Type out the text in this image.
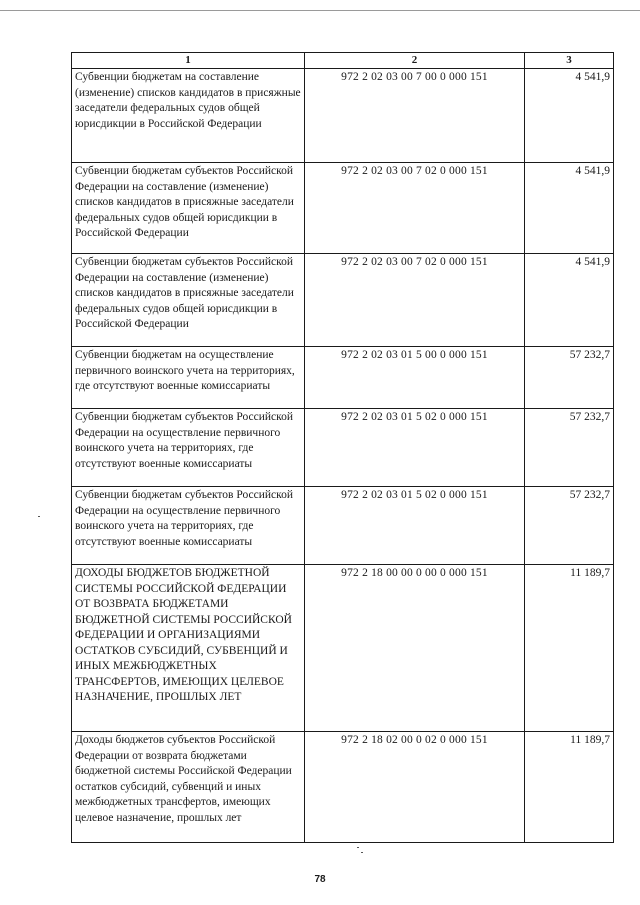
1	2	3
Субвенции бюджетам на составление (изменение) списков кандидатов в присяжные заседатели федеральных судов общей юрисдикции в Российской Федерации	972 2 02 03 00 7 00 0 000 151	4 541,9
Субвенции бюджетам субъектов Российской Федерации на составление (изменение) списков кандидатов в присяжные заседатели федеральных судов общей юрисдикции в Российской Федерации	972 2 02 03 00 7 02 0 000 151	4 541,9
Субвенции бюджетам субъектов Российской Федерации на составление (изменение) списков кандидатов в присяжные заседатели федеральных судов общей юрисдикции в Российской Федерации	972 2 02 03 00 7 02 0 000 151	4 541,9
Субвенции бюджетам на осуществление первичного воинского учета на территориях, где отсутствуют военные комиссариаты	972 2 02 03 01 5 00 0 000 151	57 232,7
Субвенции бюджетам субъектов Российской Федерации на осуществление первичного воинского учета на территориях, где отсутствуют военные комиссариаты	972 2 02 03 01 5 02 0 000 151	57 232,7
Субвенции бюджетам субъектов Российской Федерации на осуществление первичного воинского учета на территориях, где отсутствуют военные комиссариаты	972 2 02 03 01 5 02 0 000 151	57 232,7
ДОХОДЫ БЮДЖЕТОВ БЮДЖЕТНОЙ СИСТЕМЫ РОССИЙСКОЙ ФЕДЕРАЦИИ ОТ ВОЗВРАТА БЮДЖЕТАМИ БЮДЖЕТНОЙ СИСТЕМЫ РОССИЙСКОЙ ФЕДЕРАЦИИ И ОРГАНИЗАЦИЯМИ ОСТАТКОВ СУБСИДИЙ, СУБВЕНЦИЙ И ИНЫХ МЕЖБЮДЖЕТНЫХ ТРАНСФЕРТОВ, ИМЕЮЩИХ ЦЕЛЕВОЕ НАЗНАЧЕНИЕ, ПРОШЛЫХ ЛЕТ	972 2 18 00 00 0 00 0 000 151	11 189,7
Доходы бюджетов субъектов Российской Федерации от возврата бюджетами бюджетной системы Российской Федерации остатков субсидий, субвенций и иных межбюджетных трансфертов, имеющих целевое назначение, прошлых лет	972 2 18 02 00 0 02 0 000 151	11 189,7
78
